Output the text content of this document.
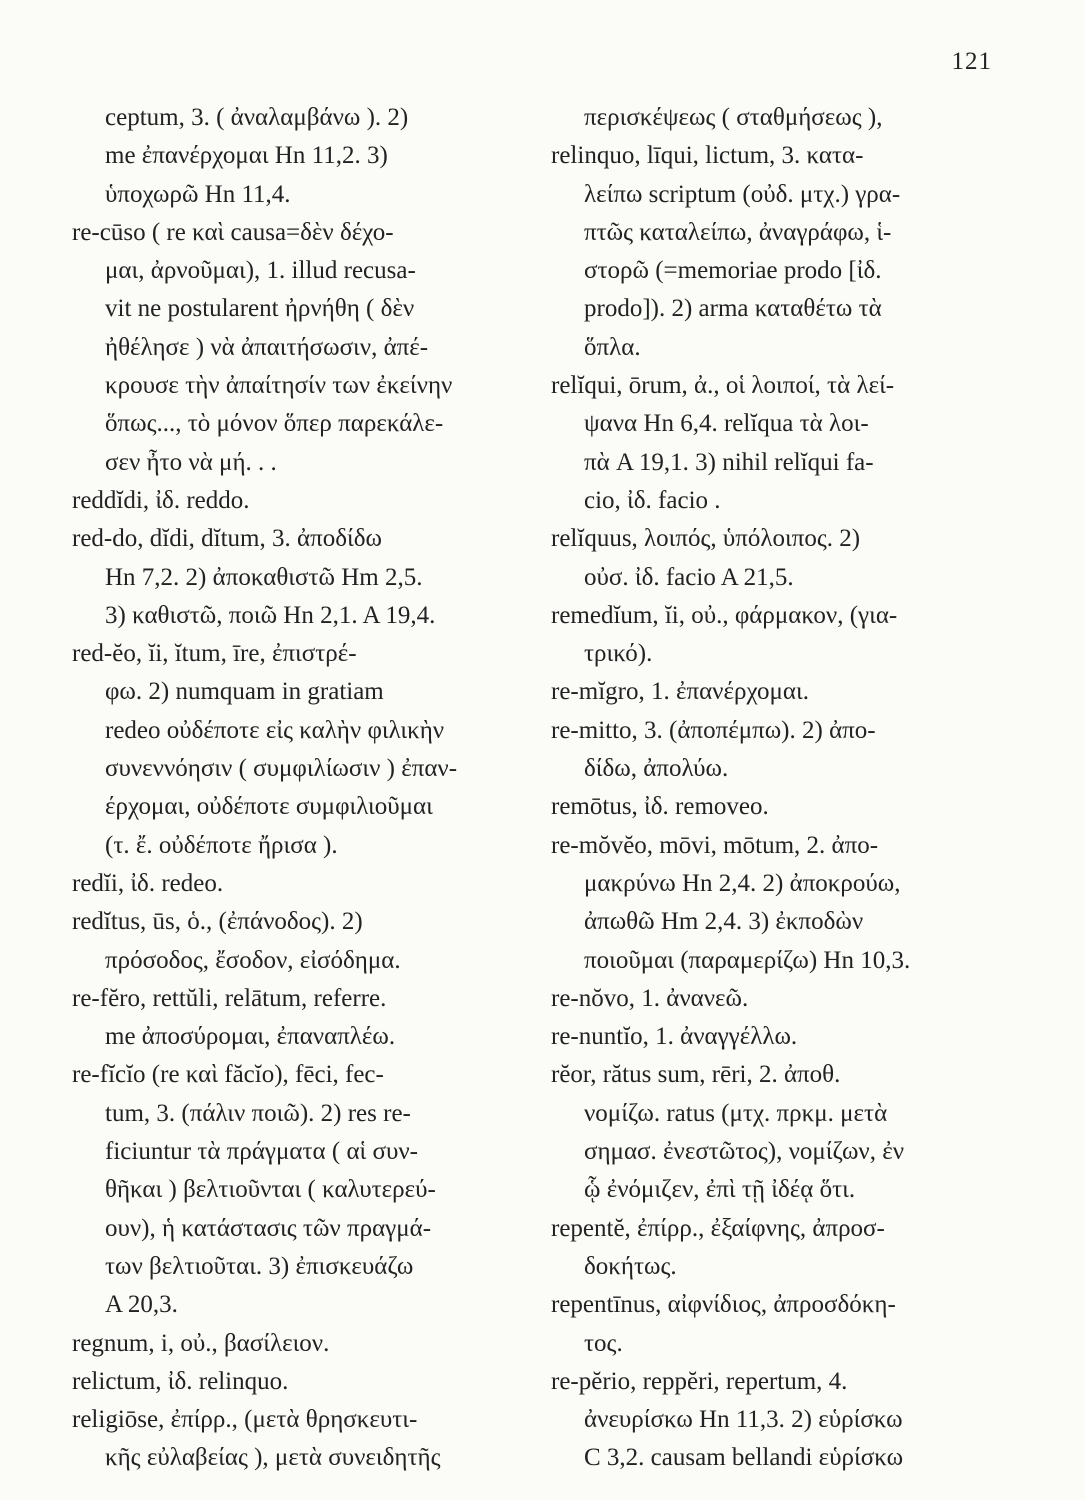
121
ceptum, 3. ( ἀναλαμβάνω ). 2)
me ἐπανέρχομαι Hn 11,2. 3)
ὑποχωρῶ Hn 11,4.
re-cūso ( re καὶ causa=δὲν δέχο-
μαι, ἀρνοῦμαι), 1. illud recusa-
vit ne postularent ἠρνήθη ( δὲν
ἠθέλησε ) νὰ ἀπαιτήσωσιν, ἀπέ-
κρουσε τὴν ἀπαίτησίν των ἐκείνην
ὅπως..., τὸ μόνον ὅπερ παρεκάλε-
σεν ἦτο νὰ μή. . .
reddĭdi, ἰδ. reddo.
red-do, dĭdi, dĭtum, 3. ἀποδίδω
Hn 7,2. 2) ἀποκαθιστῶ Hm 2,5.
3) καθιστῶ, ποιῶ Hn 2,1. A 19,4.
red-ĕo, ĭi, ĭtum, īre, ἐπιστρέ-
φω. 2) numquam in gratiam
redeo οὐδέποτε εἰς καλὴν φιλικὴν
συνεννόησιν ( συμφιλίωσιν ) ἐπαν-
έρχομαι, οὐδέποτε συμφιλιοῦμαι
(τ. ἔ. οὐδέποτε ἤρισα ).
redĭi, ἰδ. redeo.
redĭtus, ūs, ὁ., (ἐπάνοδος). 2)
πρόσοδος, ἔσοδον, εἰσόδημα.
re-fĕro, rettŭli, relātum, referre.
me ἀποσύρομαι, ἐπαναπλέω.
re-fĭcĭo (re καὶ făcĭo), fēci, fec-
tum, 3. (πάλιν ποιῶ). 2) res re-
ficiuntur τὰ πράγματα ( αἱ συν-
θῆκαι ) βελτιοῦνται ( καλυτερεύ-
ουν), ἡ κατάστασις τῶν πραγμά-
των βελτιοῦται. 3) ἐπισκευάζω
A 20,3.
regnum, i, οὐ., βασίλειον.
relictum, ἰδ. relinquo.
religiōse, ἐπίρρ., (μετὰ θρησκευτι-
κῆς εὐλαβείας ), μετὰ συνειδητῆς
περισκέψεως ( σταθμήσεως ),
relinquo, līqui, lictum, 3. κατα-
λείπω scriptum (οὐδ. μτχ.) γρα-
πτῶς καταλείπω, ἀναγράφω, ἱ-
στορῶ (=memoriae prodo [ἰδ.
prodo]). 2) arma καταθέτω τὰ
ὅπλα.
relĭqui, ōrum, ἀ., οἱ λοιποί, τὰ λεί-
ψανα Hn 6,4. relĭqua τὰ λοι-
πὰ A 19,1. 3) nihil relĭqui fa-
cio, ἰδ. facio .
relĭquus, λοιπός, ὑπόλοιπος. 2)
οὐσ. ἰδ. facio A 21,5.
remedĭum, ĭi, οὐ., φάρμακον, (για-
τρικό).
re-mĭgro, 1. ἐπανέρχομαι.
re-mitto, 3. (ἀποπέμπω). 2) ἀπο-
δίδω, ἀπολύω.
remōtus, ἰδ. removeo.
re-mŏvĕo, mōvi, mōtum, 2. ἀπο-
μακρύνω Hn 2,4. 2) ἀποκρούω,
ἀπωθῶ Hm 2,4. 3) ἐκποδὼν
ποιοῦμαι (παραμερίζω) Hn 10,3.
re-nŏvo, 1. ἀνανεῶ.
re-nuntĭo, 1. ἀναγγέλλω.
rĕor, rătus sum, rēri, 2. ἀποθ.
νομίζω. ratus (μτχ. πρκμ. μετὰ
σημασ. ἐνεστῶτος), νομίζων, ἐν
ᾧ ἐνόμιζεν, ἐπὶ τῇ ἰδέᾳ ὅτι.
repentĕ, ἐπίρρ., ἐξαίφνης, ἀπροσ-
δοκήτως.
repentīnus, αἰφνίδιος, ἀπροσδόκη-
τος.
re-pĕrio, reppĕri, repertum, 4.
ἀνευρίσκω Hn 11,3. 2) εὑρίσκω
C 3,2. causam bellandi εὑρίσκω
